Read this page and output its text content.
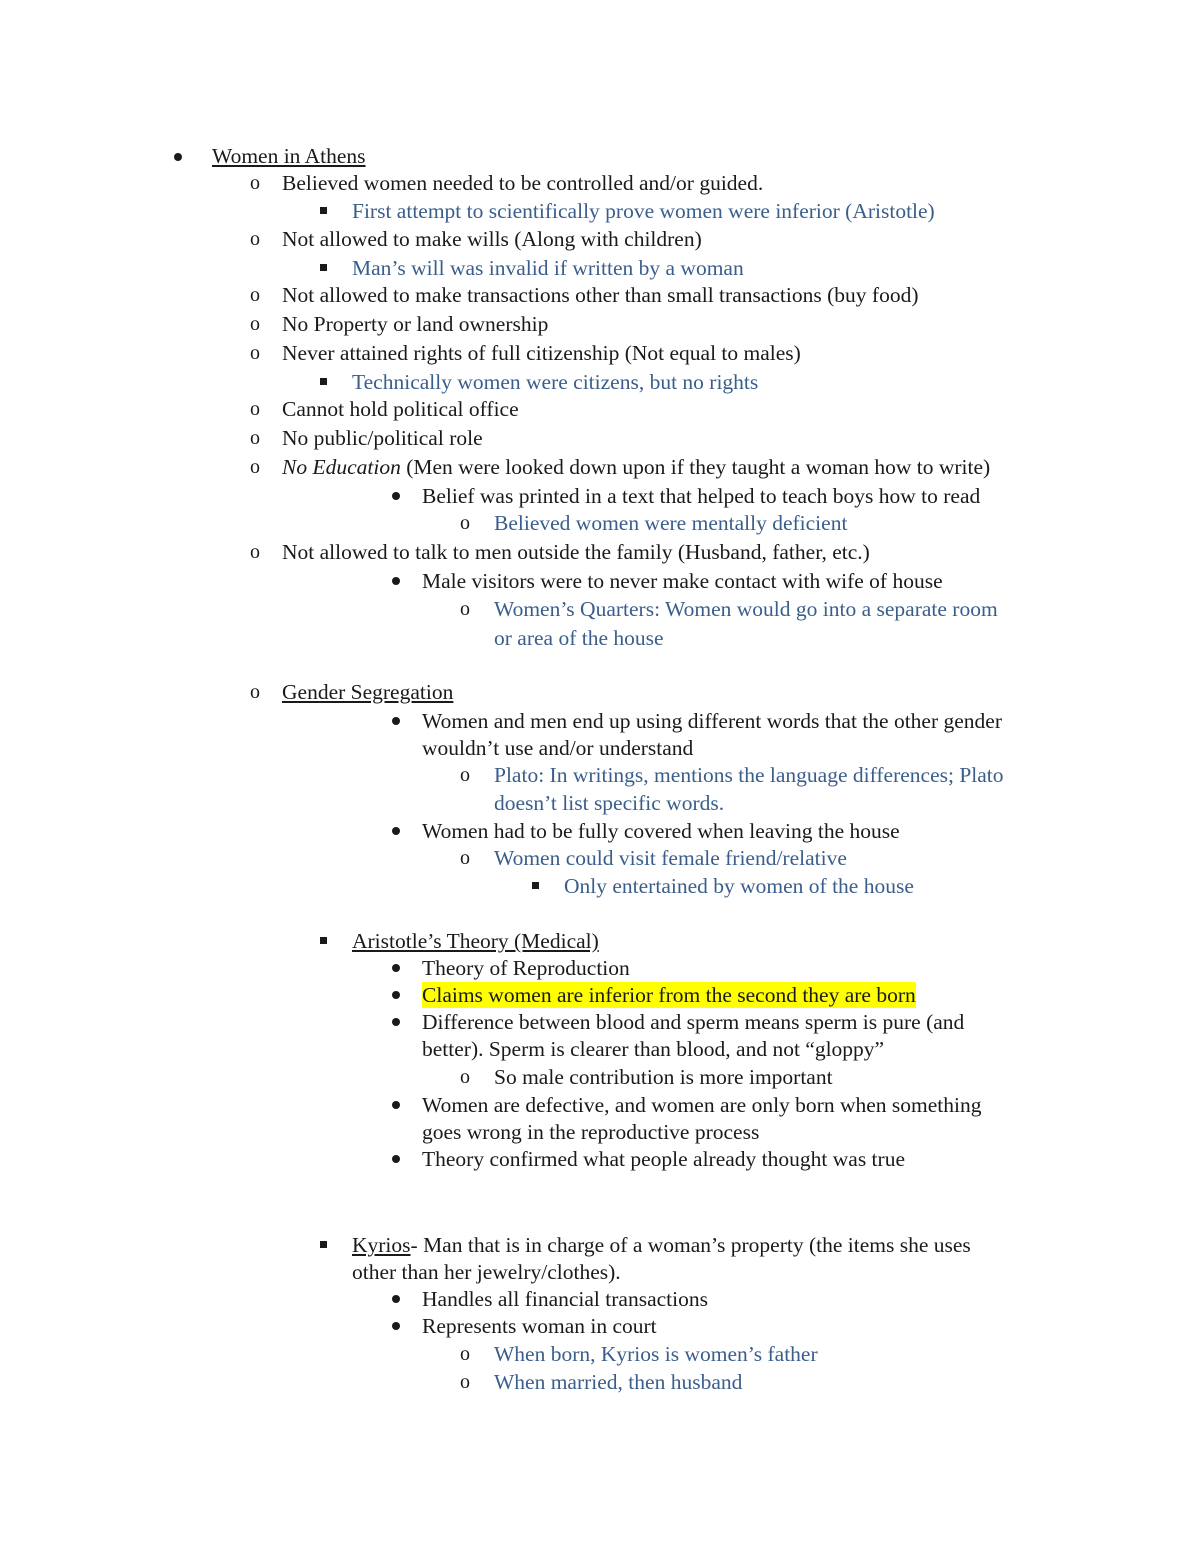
Women in Athens
o Believed women needed to be controlled and/or guided.
First attempt to scientifically prove women were inferior (Aristotle)
o Not allowed to make wills (Along with children)
Man’s will was invalid if written by a woman
o Not allowed to make transactions other than small transactions (buy food)
o No Property or land ownership
o Never attained rights of full citizenship (Not equal to males)
Technically women were citizens, but no rights
o Cannot hold political office
o No public/political role
o No Education (Men were looked down upon if they taught a woman how to write)
Belief was printed in a text that helped to teach boys how to read
o Believed women were mentally deficient
o Not allowed to talk to men outside the family (Husband, father, etc.)
Male visitors were to never make contact with wife of house
o Women’s Quarters: Women would go into a separate room
or area of the house
o Gender Segregation
Women and men end up using different words that the other gender
wouldn’t use and/or understand
o Plato: In writings, mentions the language differences; Plato
doesn’t list specific words.
Women had to be fully covered when leaving the house
o Women could visit female friend/relative
Only entertained by women of the house
Aristotle’s Theory (Medical)
Theory of Reproduction
Claims women are inferior from the second they are born
Difference between blood and sperm means sperm is pure (and
better). Sperm is clearer than blood, and not “gloppy”
o So male contribution is more important
Women are defective, and women are only born when something
goes wrong in the reproductive process
Theory confirmed what people already thought was true
Kyrios- Man that is in charge of a woman’s property (the items she uses
other than her jewelry/clothes).
Handles all financial transactions
Represents woman in court
o When born, Kyrios is women’s father
o When married, then husband
